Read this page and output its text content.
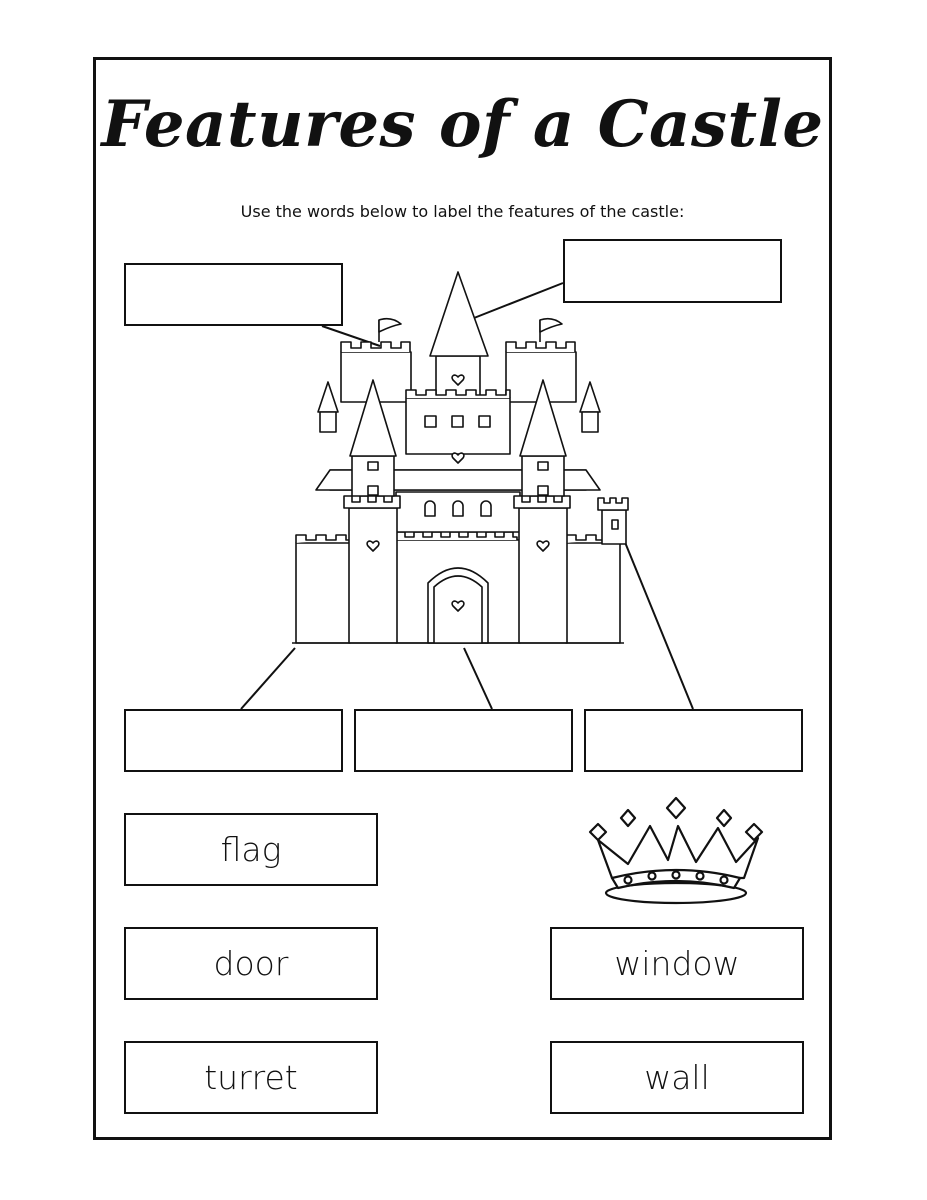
Features of a Castle
Use the words below to label the features of the castle:
flag
door
turret
window
wall
